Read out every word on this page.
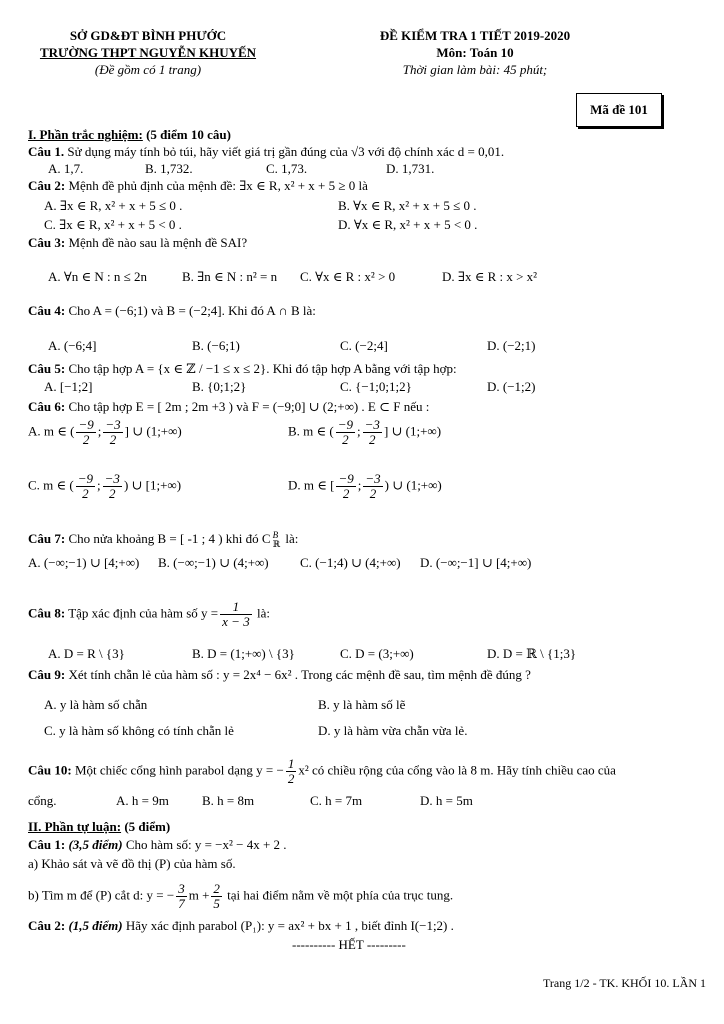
SỞ GD&ĐT BÌNH PHƯỚC
TRƯỜNG THPT NGUYỄN KHUYẾN
(Đề gồm có 1 trang)
ĐỀ KIỂM TRA 1 TIẾT 2019-2020
Môn: Toán 10
Thời gian làm bài: 45 phút;
Mã đề 101
I. Phần trắc nghiệm: (5 điểm 10 câu)
Câu 1. Sử dụng máy tính bỏ túi, hãy viết giá trị gần đúng của √3 với độ chính xác d = 0,01.
A. 1,7.	B. 1,732.	C. 1,73.	D. 1,731.
Câu 2: Mệnh đề phủ định của mệnh đề: ∃x ∈ R, x² + x + 5 ≥ 0 là
A. ∃x ∈ R, x² + x + 5 ≤ 0 .	B. ∀x ∈ R, x² + x + 5 ≤ 0 .
C. ∃x ∈ R, x² + x + 5 < 0 .	D. ∀x ∈ R, x² + x + 5 < 0 .
Câu 3: Mệnh đề nào sau là mệnh đề SAI?
A. ∀n ∈ N : n ≤ 2n	B. ∃n ∈ N : n² = n C. ∀x ∈ R : x² > 0	D. ∃x ∈ R : x > x²
Câu 4: Cho A = (−6;1) và B = (−2;4]. Khi đó A ∩ B là:
A. (−6;4]	B. (−6;1)	C. (−2;4]	D. (−2;1)
Câu 5: Cho tập hợp A = {x ∈ ℤ / −1 ≤ x ≤ 2}. Khi đó tập hợp A bằng với tập hợp:
A. [−1;2]	B. {0;1;2}	C. {−1;0;1;2}	D. (−1;2)
Câu 6: Cho tập hợp E = [ 2m ; 2m +3 ) và F = (−9;0] ∪ (2;+∞) . E ⊂ F nếu :
A. m ∈ ( $\frac{-9}{2}$ ; $\frac{-3}{2}$ ] ∪ (1;+∞)	B. m ∈ ( $\frac{-9}{2}$ ; $\frac{-3}{2}$ ] ∪ (1;+∞)
C. m ∈ ( $\frac{-9}{2}$ ; $\frac{-3}{2}$ ) ∪ [1;+∞)	D. m ∈ [ $\frac{-9}{2}$ ; $\frac{-3}{2}$ ) ∪ (1;+∞)
Câu 7: Cho nửa khoảng B = [ -1 ; 4 ) khi đó C B
ℝ là:
A. (−∞;−1) ∪ [4;+∞) B. (−∞;−1) ∪ (4;+∞) C. (−1;4) ∪ (4;+∞) D. (−∞;−1] ∪ [4;+∞)
Câu 8: Tập xác định của hàm số $y = \frac{1}{x - 3}$ là:
A. D = R \ {3}	B. D = (1;+∞) \ {3}	C. D = (3;+∞)	D. D = ℝ \ {1;3}
Câu 9: Xét tính chẵn lẻ của hàm số : y = 2x⁴ − 6x² . Trong các mệnh đề sau, tìm mệnh đề đúng ?
A. y là hàm số chẵn	B. y là hàm số lẽ
C. y là hàm số không có tính chẵn lẻ	D. y là hàm vừa chẵn vừa lẻ.
Câu 10: Một chiếc cổng hình parabol dạng y = − $\frac{1}{2} x^2$ có chiều rộng của cổng vào là 8 m. Hãy tính chiều cao của
cổng.	A. h = 9m	B. h = 8m	C. h = 7m	D. h = 5m
II. Phần tự luận: (5 điểm)
Câu 1: (3,5 điểm) Cho hàm số: y = −x² − 4x + 2 .
a) Khảo sát và vẽ đồ thị (P) của hàm số.
b) Tìm m để (P) cắt d: y = − $\frac{3}{7}$ $m + \frac{2}{5}$ tại hai điểm nằm về một phía của trục tung.
Câu 2: (1,5 điểm) Hãy xác định parabol (P₁): y = ax² + bx + 1 , biết đỉnh I(−1;2) .
---------- HẾT ---------
Trang 1/2 - TK. KHỐI 10. LẦN 1
